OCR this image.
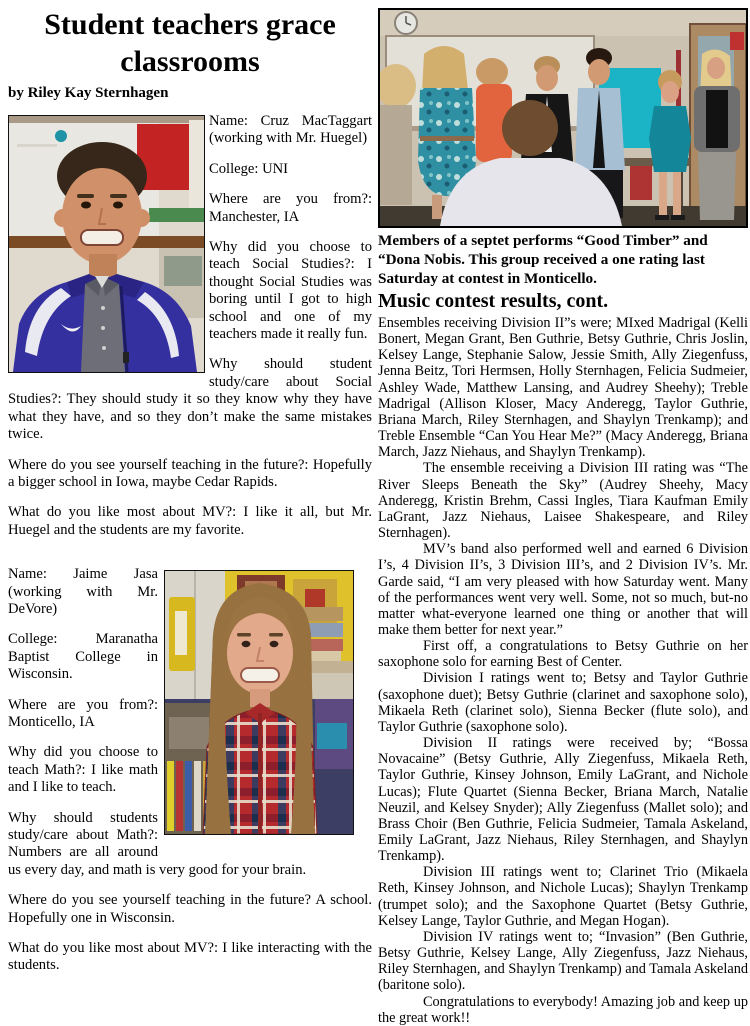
Student teachers grace classrooms
by Riley Kay Sternhagen

Name: Cruz MacTaggart (working with Mr. Huegel)

College: UNI

Where are you from?: Manchester, IA

Why did you choose to teach Social Studies?: I thought Social Studies was boring until I got to high school and one of my teachers made it really fun.

Why should student study/care about Social Studies?: They should study it so they know why they have what they have, and so they don’t make the same mistakes twice.

Where do you see yourself teaching in the future?: Hopefully a bigger school in Iowa, maybe Cedar Rapids.

What do you like most about MV?: I like it all, but Mr. Huegel and the students are my favorite.

Name: Jaime Jasa (working with Mr. DeVore)

College: Maranatha Baptist College in Wisconsin.

Where are you from?: Monticello, IA

Why did you choose to teach Math?: I like math and I like to teach.

Why should students study/care about Math?: Numbers are all around us every day, and math is very good for your brain.

Where do you see yourself teaching in the future? A school. Hopefully one in Wisconsin.

What do you like most about MV?: I like interacting with the students.

Members of a septet performs “Good Timber” and “Dona Nobis. This group received a one rating last Saturday at contest in Monticello.
Music contest results, cont.

Ensembles receiving Division II”s were; MIxed Madrigal (Kelli Bonert, Megan Grant, Ben Guthrie, Betsy Guthrie, Chris Joslin, Kelsey Lange, Stephanie Salow, Jessie Smith, Ally Ziegenfuss, Jenna Beitz, Tori Hermsen, Holly Sternhagen, Felicia Sudmeier, Ashley Wade, Matthew Lansing, and Audrey Sheehy); Treble Madrigal (Allison Kloser, Macy Anderegg, Taylor Guthrie, Briana March, Riley Sternhagen, and Shaylyn Trenkamp); and Treble Ensemble “Can You Hear Me?” (Macy Anderegg, Briana March, Jazz Niehaus, and Shaylyn Trenkamp).

The ensemble receiving a Division III rating was “The River Sleeps Beneath the Sky” (Audrey Sheehy, Macy Anderegg, Kristin Brehm, Cassi Ingles, Tiara Kaufman Emily LaGrant, Jazz Niehaus, Laisee Shakespeare, and Riley Sternhagen).

MV’s band also performed well and earned 6 Division I’s, 4 Division II’s, 3 Division III’s, and 2 Division IV’s. Mr. Garde said, “I am very pleased with how Saturday went. Many of the performances went very well. Some, not so much, but-no matter what-everyone learned one thing or another that will make them better for next year.”

First off, a congratulations to Betsy Guthrie on her saxophone solo for earning Best of Center.

Division I ratings went to; Betsy and Taylor Guthrie (saxophone duet); Betsy Guthrie (clarinet and saxophone solo), Mikaela Reth (clarinet solo), Sienna Becker (flute solo), and Taylor Guthrie (saxophone solo).

Division II ratings were received by; “Bossa Novacaine” (Betsy Guthrie, Ally Ziegenfuss, Mikaela Reth, Taylor Guthrie, Kinsey Johnson, Emily LaGrant, and Nichole Lucas); Flute Quartet (Sienna Becker, Briana March, Natalie Neuzil, and Kelsey Snyder); Ally Ziegenfuss (Mallet solo); and Brass Choir (Ben Guthrie, Felicia Sudmeier, Tamala Askeland, Emily LaGrant, Jazz Niehaus, Riley Sternhagen, and Shaylyn Trenkamp).

Division III ratings went to; Clarinet Trio (Mikaela Reth, Kinsey Johnson, and Nichole Lucas); Shaylyn Trenkamp (trumpet solo); and the Saxophone Quartet (Betsy Guthrie, Kelsey Lange, Taylor Guthrie, and Megan Hogan).

Division IV ratings went to; “Invasion” (Ben Guthrie, Betsy Guthrie, Kelsey Lange, Ally Ziegenfuss, Jazz Niehaus, Riley Sternhagen, and Shaylyn Trenkamp) and Tamala Askeland (baritone solo).

Congratulations to everybody! Amazing job and keep up the great work!!
